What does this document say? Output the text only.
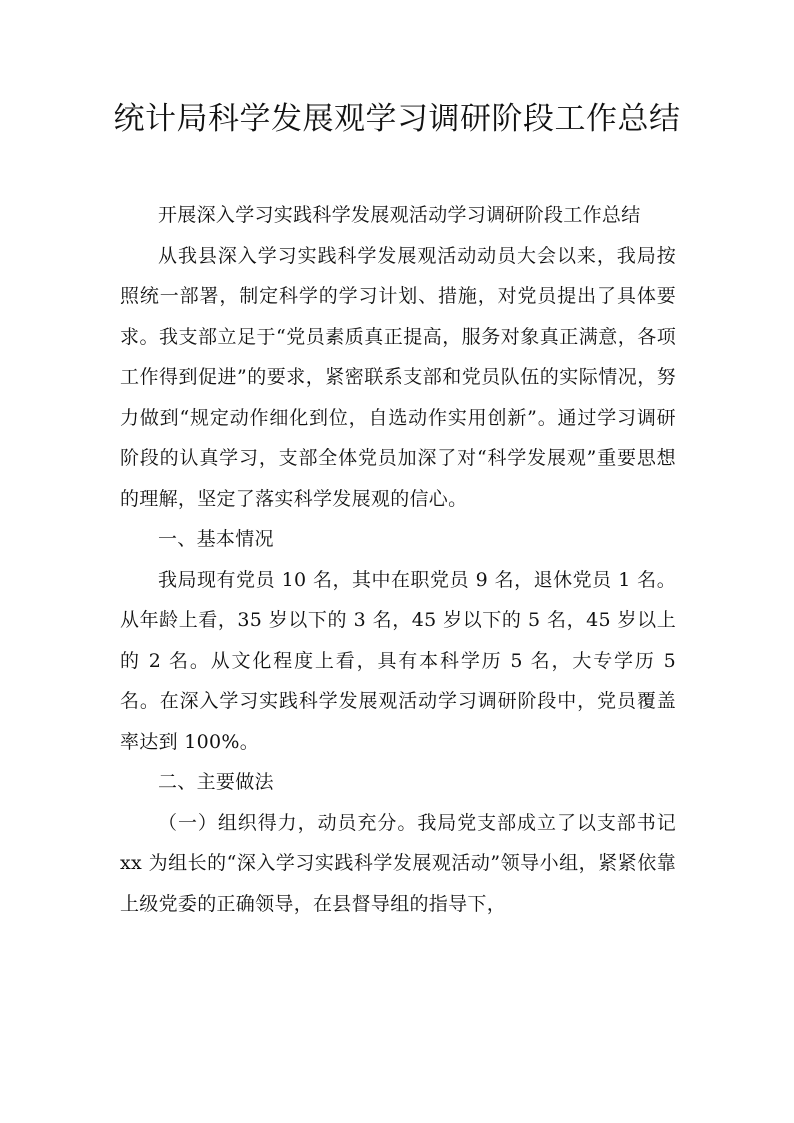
统计局科学发展观学习调研阶段工作总结

开展深入学习实践科学发展观活动学习调研阶段工作总结

从我县深入学习实践科学发展观活动动员大会以来，我局按照统一部署，制定科学的学习计划、措施，对党员提出了具体要求。我支部立足于“党员素质真正提高，服务对象真正满意，各项工作得到促进”的要求，紧密联系支部和党员队伍的实际情况，努力做到“规定动作细化到位，自选动作实用创新”。通过学习调研阶段的认真学习，支部全体党员加深了对“科学发展观”重要思想的理解，坚定了落实科学发展观的信心。

一、基本情况

我局现有党员 10 名，其中在职党员 9 名，退休党员 1 名。从年龄上看，35 岁以下的 3 名，45 岁以下的 5 名，45 岁以上的 2 名。从文化程度上看，具有本科学历 5 名，大专学历 5 名。在深入学习实践科学发展观活动学习调研阶段中，党员覆盖率达到 100%。

二、主要做法

（一）组织得力，动员充分。我局党支部成立了以支部书记 xx 为组长的“深入学习实践科学发展观活动”领导小组，紧紧依靠上级党委的正确领导，在县督导组的指导下，
